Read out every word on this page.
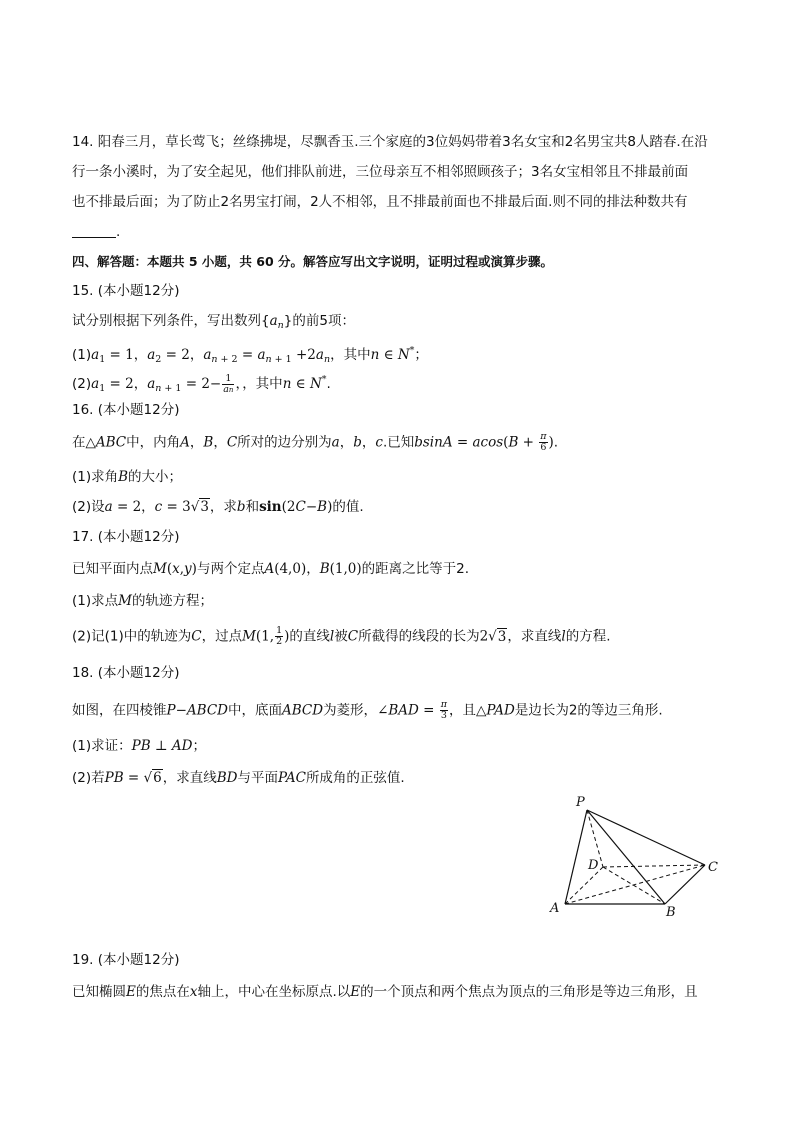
14. 阳春三月，草长莺飞；丝绦拂堤，尽飘香玉.三个家庭的3位妈妈带着3名女宝和2名男宝共8人踏春.在沿
行一条小溪时，为了安全起见，他们排队前进，三位母亲互不相邻照顾孩子；3名女宝相邻且不排最前面
也不排最后面；为了防止2名男宝打闹，2人不相邻，且不排最前面也不排最后面.则不同的排法种数共有
.
四、解答题：本题共 5 小题，共 60 分。解答应写出文字说明，证明过程或演算步骤。
15. (本小题12分)
试分别根据下列条件，写出数列$\{a_n\}$的前5项：
$(1)a_1 = 1$，$a_2 = 2$，$a_{n + 2} = a_{n + 1} +2a_n$，其中n ∈ N*；
$(2)a_1 = 2$，$a_{n + 1} = 2- \frac{1}{an}$ ，，其中n ∈ N*.
16. (本小题12分)
在△ABC中，内角A，B，C所对的边分别为a，b，c.已知$bsinA = acos(B + \frac{\pi}{6}$ ).
(1)求角B的大小；
(2)设a = 2，c = 3√3，求b和sin(2C−B)的值.
17. (本小题12分)
已知平面内点M(x,y)与两个定点A(4,0)，B(1,0)的距离之比等于2.
(1)求点M的轨迹方程；
(2)记(1)中的轨迹为C，过点M(1, $\frac{1}{2}$ )的直线l被C所截得的线段的长为2√3，求直线l的方程.
18. (本小题12分)
如图，在四棱锥P−ABCD中，底面ABCD为菱形，∠BAD = $\frac{\pi}{3}$ ，且△PAD是边长为2的等边三角形.
(1)求证：PB ⊥ AD；
(2)若PB = √6，求直线BD与平面PAC所成角的正弦值.
P
A	B
C
D
19. (本小题12分)
已知椭圆E的焦点在x轴上，中心在坐标原点.以E的一个顶点和两个焦点为顶点的三角形是等边三角形，且
